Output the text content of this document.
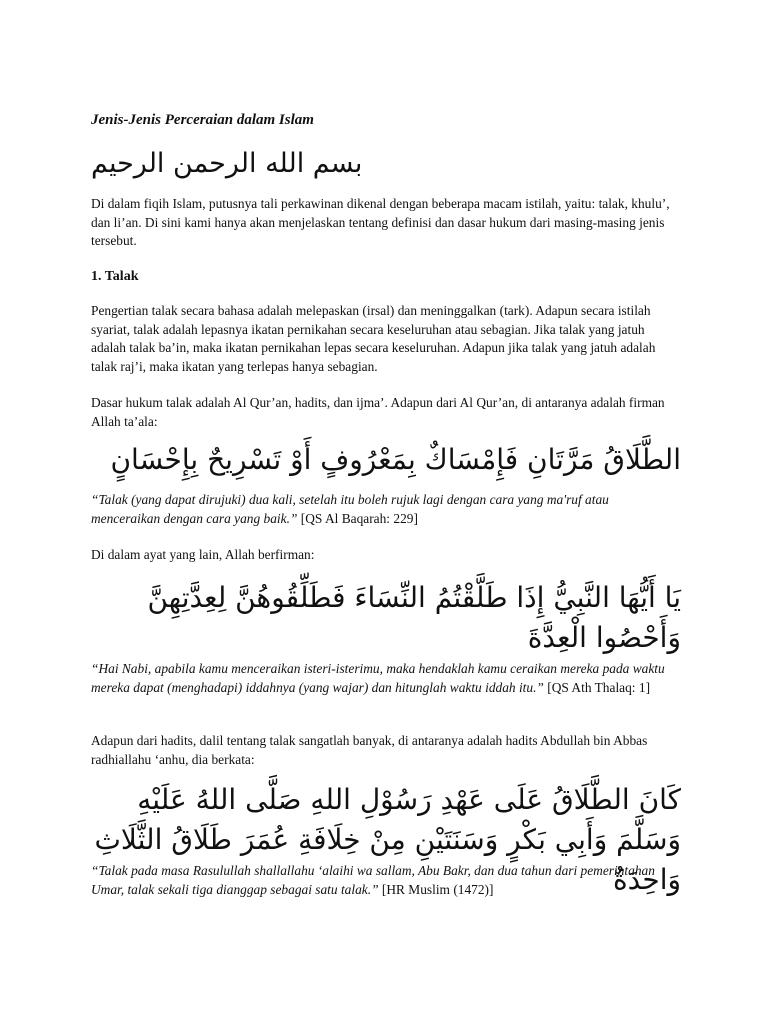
Jenis-Jenis Perceraian dalam Islam
بسم الله الرحمن الرحيم

Di dalam fiqih Islam, putusnya tali perkawinan dikenal dengan beberapa macam istilah, yaitu: talak, khulu’, dan li’an. Di sini kami hanya akan menjelaskan tentang definisi dan dasar hukum dari masing-masing jenis tersebut.

1. Talak

Pengertian talak secara bahasa adalah melepaskan (irsal) dan meninggalkan (tark). Adapun secara istilah syariat, talak adalah lepasnya ikatan pernikahan secara keseluruhan atau sebagian. Jika talak yang jatuh adalah talak ba’in, maka ikatan pernikahan lepas secara keseluruhan. Adapun jika talak yang jatuh adalah talak raj’i, maka ikatan yang terlepas hanya sebagian.

Dasar hukum talak adalah Al Qur’an, hadits, dan ijma’. Adapun dari Al Qur’an, di antaranya adalah firman Allah ta’ala:

الطَّلَاقُ مَرَّتَانِ فَإِمْسَاكٌ بِمَعْرُوفٍ أَوْ تَسْرِيحٌ بِإِحْسَانٍ

“Talak (yang dapat dirujuki) dua kali, setelah itu boleh rujuk lagi dengan cara yang ma'ruf atau menceraikan dengan cara yang baik.” [QS Al Baqarah: 229]

Di dalam ayat yang lain, Allah berfirman:

يَا أَيُّهَا النَّبِيُّ إِذَا طَلَّقْتُمُ النِّسَاءَ فَطَلِّقُوهُنَّ لِعِدَّتِهِنَّ وَأَحْصُوا الْعِدَّةَ

“Hai Nabi, apabila kamu menceraikan isteri-isterimu, maka hendaklah kamu ceraikan mereka pada waktu mereka dapat (menghadapi) iddahnya (yang wajar) dan hitunglah waktu iddah itu.” [QS Ath Thalaq: 1]

Adapun dari hadits, dalil tentang talak sangatlah banyak, di antaranya adalah hadits Abdullah bin Abbas radhiallahu ‘anhu, dia berkata:

كَانَ الطَّلَاقُ عَلَى عَهْدِ رَسُوْلِ اللهِ صَلَّى اللهُ عَلَيْهِ وَسَلَّمَ وَأَبِي بَكْرٍ وَسَنَتَيْنِ مِنْ خِلَافَةِ عُمَرَ طَلَاقُ الثَّلَاثِ وَاحِدَةٌ

“Talak pada masa Rasulullah shallallahu ‘alaihi wa sallam, Abu Bakr, dan dua tahun dari pemerintahan Umar, talak sekali tiga dianggap sebagai satu talak.” [HR Muslim (1472)]
